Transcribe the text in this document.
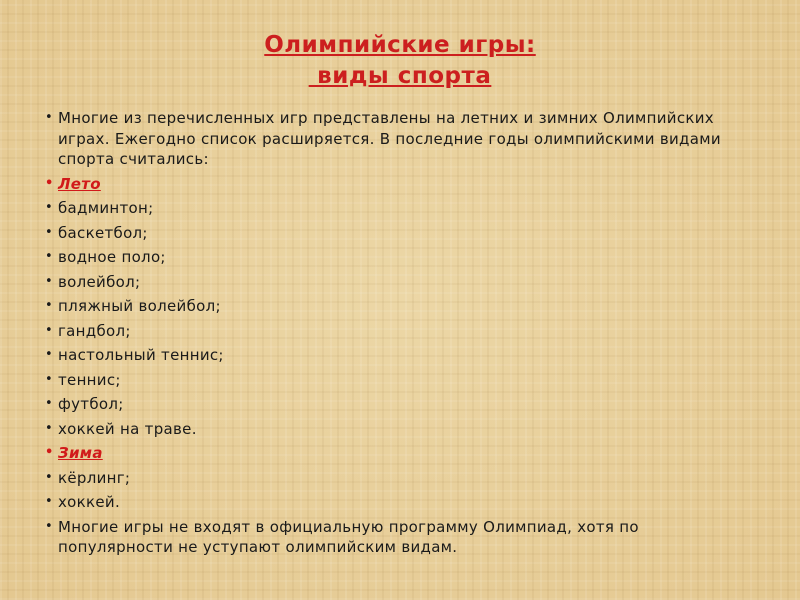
Олимпийские игры:
виды спорта
• Многие из перечисленных игр представлены на летних и зимних Олимпийских играх. Ежегодно список расширяется. В последние годы олимпийскими видами спорта считались:
• Лето
• бадминтон;
• баскетбол;
• водное поло;
• волейбол;
• пляжный волейбол;
• гандбол;
• настольный теннис;
• теннис;
• футбол;
• хоккей на траве.
• Зима
• кёрлинг;
• хоккей.
• Многие игры не входят в официальную программу Олимпиад, хотя по популярности не уступают олимпийским видам.
